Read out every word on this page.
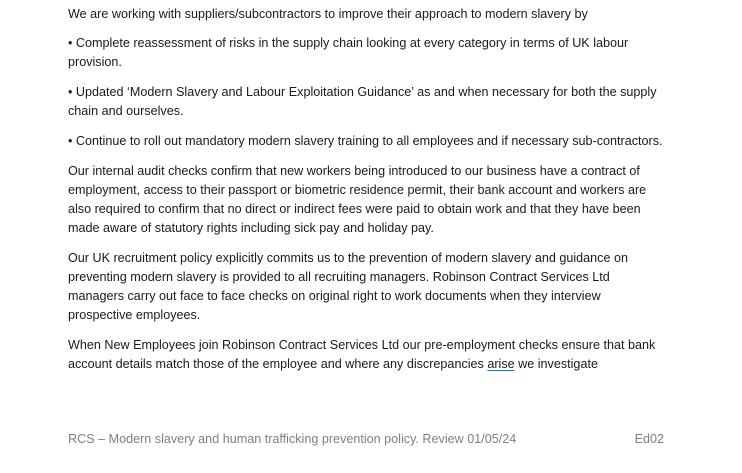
We are working with suppliers/subcontractors to improve their approach to modern slavery by

• Complete reassessment of risks in the supply chain looking at every category in terms of UK labour provision.

• Updated ‘Modern Slavery and Labour Exploitation Guidance’ as and when necessary for both the supply chain and ourselves.

• Continue to roll out mandatory modern slavery training to all employees and if necessary sub-contractors.

Our internal audit checks confirm that new workers being introduced to our business have a contract of employment, access to their passport or biometric residence permit, their bank account and workers are also required to confirm that no direct or indirect fees were paid to obtain work and that they have been made aware of statutory rights including sick pay and holiday pay.

Our UK recruitment policy explicitly commits us to the prevention of modern slavery and guidance on preventing modern slavery is provided to all recruiting managers. Robinson Contract Services Ltd managers carry out face to face checks on original right to work documents when they interview prospective employees.

When New Employees join Robinson Contract Services Ltd our pre-employment checks ensure that bank account details match those of the employee and where any discrepancies arise we investigate

RCS – Modern slavery and human trafficking prevention policy. Review 01/05/24	Ed02
